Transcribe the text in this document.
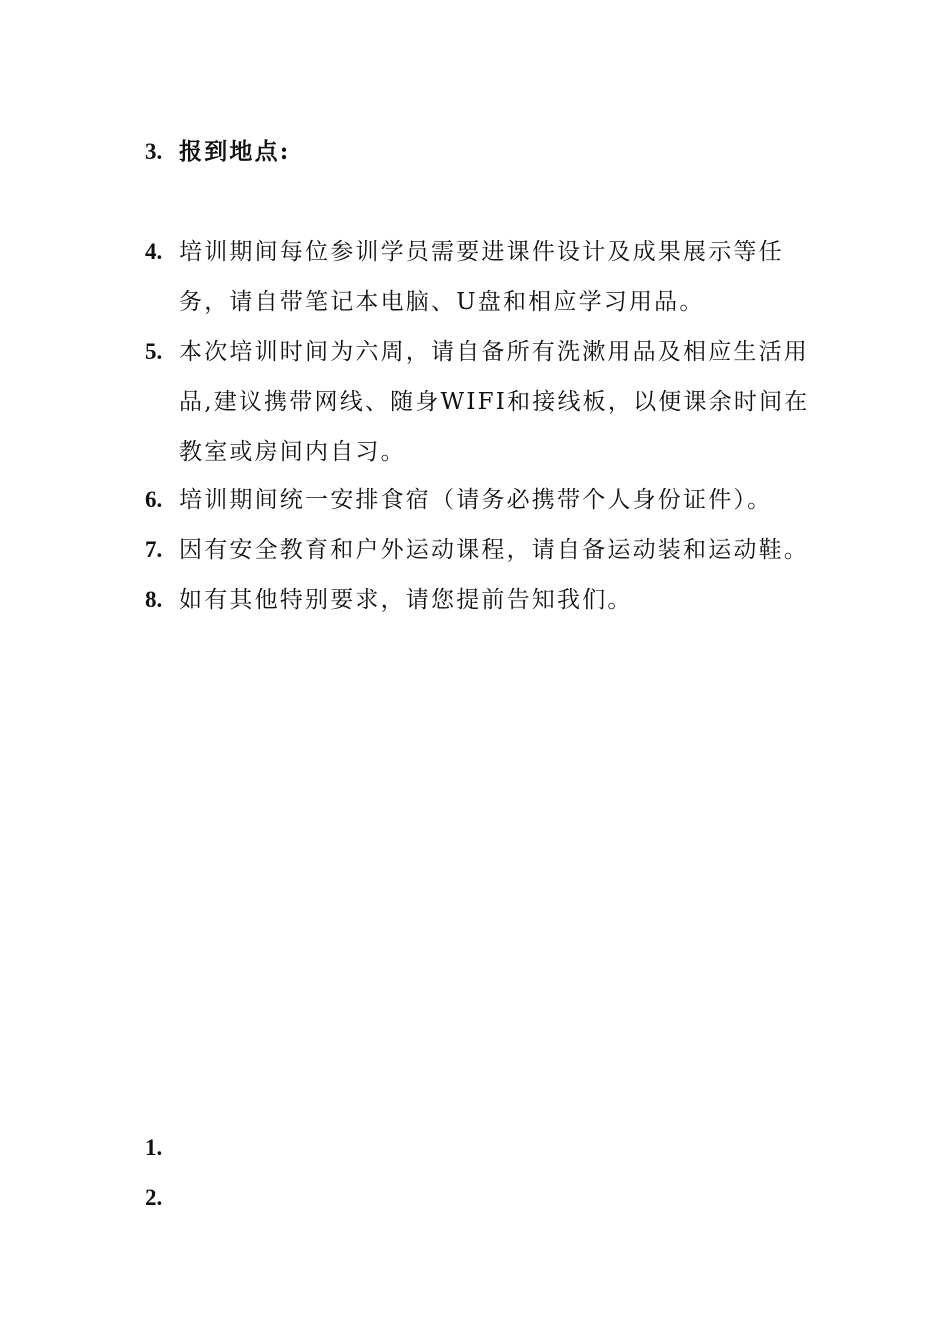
3. 报到地点:
4. 培训期间每位参训学员需要进课件设计及成果展示等任务，请自带笔记本电脑、U盘和相应学习用品。
5. 本次培训时间为六周，请自备所有洗漱用品及相应生活用品,建议携带网线、随身WIFI和接线板，以便课余时间在教室或房间内自习。
6. 培训期间统一安排食宿（请务必携带个人身份证件）。
7. 因有安全教育和户外运动课程，请自备运动装和运动鞋。
8. 如有其他特别要求，请您提前告知我们。
1.
2.
